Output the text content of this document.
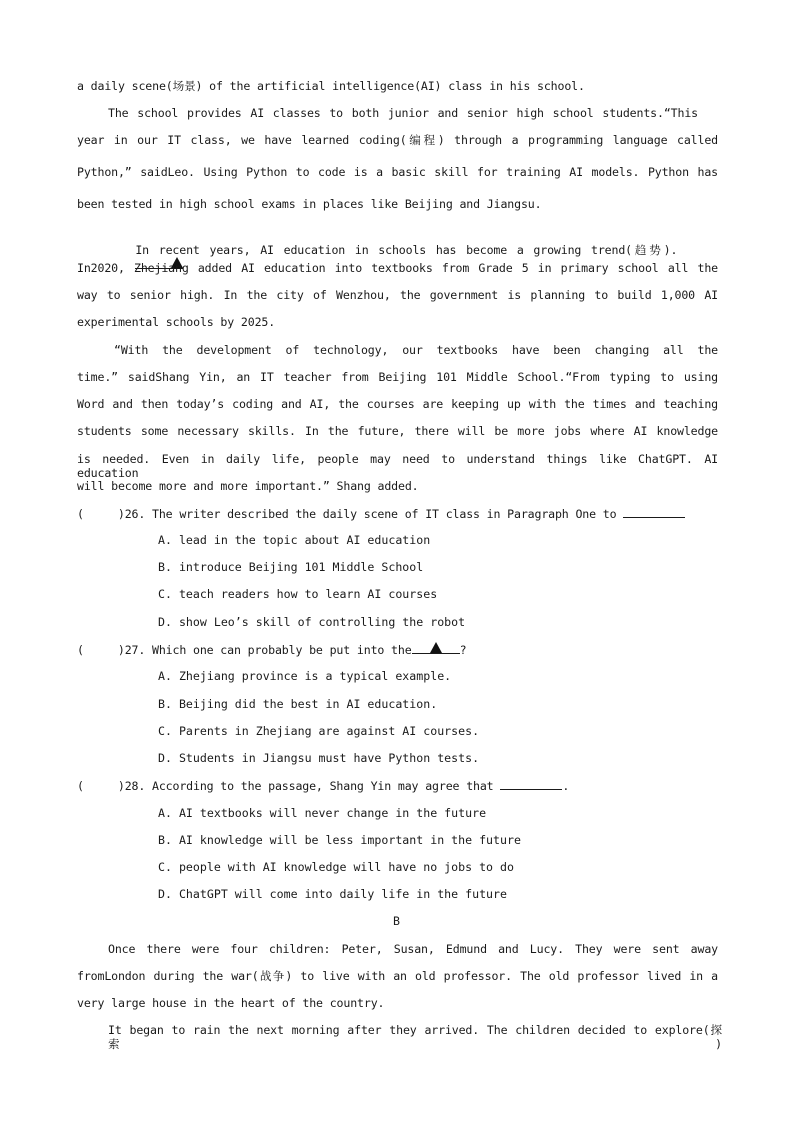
a daily scene(场景) of the artificial intelligence(AI) class in his school.
The school provides AI classes to both junior and senior high school students.“This
year in our IT class, we have learned coding(编程) through a programming language called
Python,” saidLeo. Using Python to code is a basic skill for training AI models. Python has
been tested in high school exams in places like Beijing and Jiangsu.

In recent years, AI education in schools has become a growing trend(趋势).

In2020, Zhejiang added AI education into textbooks from Grade 5 in primary school all the
way to senior high. In the city of Wenzhou, the government is planning to build 1,000 AI
experimental schools by 2025.
“With the development of technology, our textbooks have been changing all the
time.” saidShang Yin, an IT teacher from Beijing 101 Middle School.“From typing to using
Word and then today’s coding and AI, the courses are keeping up with the times and teaching
students some necessary skills. In the future, there will be more jobs where AI knowledge
is needed. Even in daily life, people may need to understand things like ChatGPT. AI education
will become more and more important.” Shang added.
(	)26. The writer described the daily scene of IT class in Paragraph One to
A. lead in the topic about AI education
B. introduce Beijing 101 Middle School
C. teach readers how to learn AI courses
D. show Leo’s skill of controlling the robot
(	)27. Which one can probably be put into the	?
A. Zhejiang province is a typical example.
B. Beijing did the best in AI education.
C. Parents in Zhejiang are against AI courses.
D. Students in Jiangsu must have Python tests.
(	)28. According to the passage, Shang Yin may agree that	.
A. AI textbooks will never change in the future
B. AI knowledge will be less important in the future
C. people with AI knowledge will have no jobs to do
D. ChatGPT will come into daily life in the future
B
Once there were four children: Peter, Susan, Edmund and Lucy. They were sent away
fromLondon during the war(战争) to live with an old professor. The old professor lived in a
very large house in the heart of the country.
It began to rain the next morning after they arrived. The children decided to explore(探索)
